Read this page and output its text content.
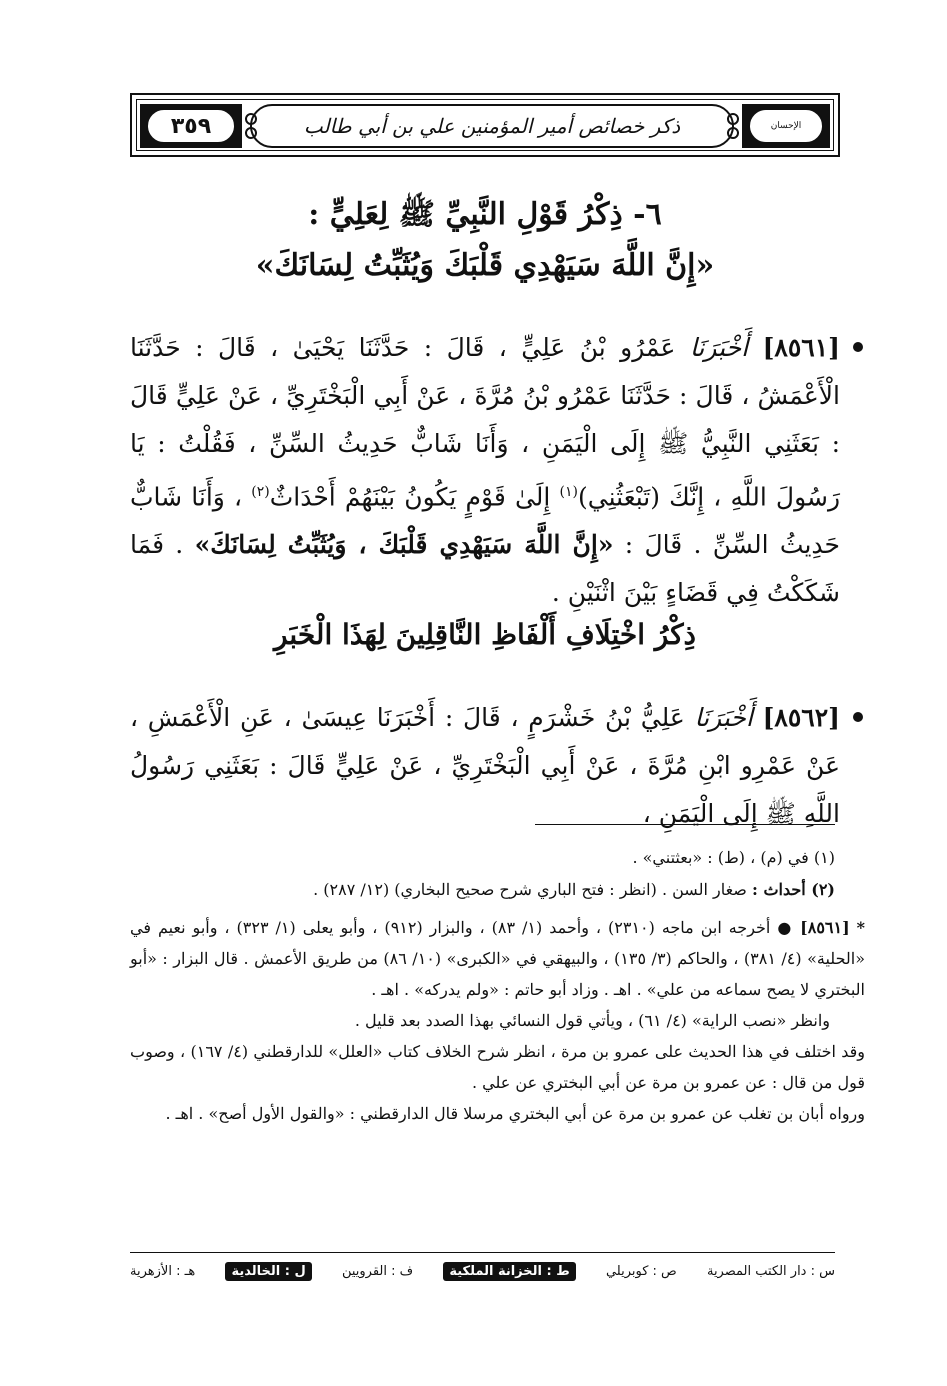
٣٥٩	ذكر خصائص أمير المؤمنين علي بن أبي طالب	الإحسان
٦- ذِكْرُ قَوْلِ النَّبِيِّ ﷺ لِعَلِيٍّ :
«إِنَّ اللَّهَ سَيَهْدِي قَلْبَكَ وَيُثَبِّتُ لِسَانَكَ»
[٨٥٦١] أَخْبَرَنَا عَمْرُو بْنُ عَلِيٍّ ، قَالَ : حَدَّثَنَا يَحْيَىٰ ، قَالَ : حَدَّثَنَا الْأَعْمَشُ ، قَالَ : حَدَّثَنَا عَمْرُو بْنُ مُرَّةَ ، عَنْ أَبِي الْبَخْتَرِيِّ ، عَنْ عَلِيٍّ قَالَ : بَعَثَنِي النَّبِيُّ ﷺ إِلَى الْيَمَنِ ، وَأَنَا شَابٌّ حَدِيثُ السِّنِّ ، فَقُلْتُ : يَا رَسُولَ اللَّهِ ، إِنَّكَ (تَبْعَثُنِي)$^{(١)}$ إِلَىٰ قَوْمٍ يَكُونُ بَيْنَهُمْ أَحْدَاثٌ$^{(٢)}$ ، وَأَنَا شَابٌّ حَدِيثُ السِّنِّ . قَالَ : «إِنَّ اللَّهَ سَيَهْدِي قَلْبَكَ ، وَيُثَبِّتُ لِسَانَكَ» . فَمَا شَكَكْتُ فِي قَضَاءٍ بَيْنَ اثْنَيْنِ .
ذِكْرُ اخْتِلَافِ أَلْفَاظِ النَّاقِلِينَ لِهَذَا الْخَبَرِ
[٨٥٦٢] أَخْبَرَنَا عَلِيُّ بْنُ خَشْرَمٍ ، قَالَ : أَخْبَرَنَا عِيسَىٰ ، عَنِ الْأَعْمَشِ ، عَنْ عَمْرِو ابْنِ مُرَّةَ ، عَنْ أَبِي الْبَخْتَرِيِّ ، عَنْ عَلِيٍّ قَالَ : بَعَثَنِي رَسُولُ اللَّهِ ﷺ إِلَى الْيَمَنِ ،
(١) في (م) ، (ط) : «بعثتني» .
(٢) أحداث : صغار السن . (انظر : فتح الباري شرح صحيح البخاري) (١٢/ ٢٨٧) .
* [٨٥٦١] ● أخرجه ابن ماجه (٢٣١٠) ، وأحمد (١/ ٨٣) ، والبزار (٩١٢) ، وأبو يعلى (١/ ٣٢٣) ، وأبو نعيم في «الحلية» (٤/ ٣٨١) ، والحاكم (٣/ ١٣٥) ، والبيهقي في «الكبرى» (١٠/ ٨٦) من طريق الأعمش . قال البزار : «أبو البختري لا يصح سماعه من علي» . اهـ . وزاد أبو حاتم : «ولم يدركه» . اهـ .
وانظر «نصب الراية» (٤/ ٦١) ، ويأتي قول النسائي بهذا الصدد بعد قليل .
وقد اختلف في هذا الحديث على عمرو بن مرة ، انظر شرح الخلاف كتاب «العلل» للدارقطني (٤/ ١٦٧) ، وصوب قول من قال : عن عمرو بن مرة عن أبي البختري عن علي .
ورواه أبان بن تغلب عن عمرو بن مرة عن أبي البختري مرسلا قال الدارقطني : «والقول الأول أصح» . اهـ .
س : دار الكتب المصرية
ص : كوبريلي
ط : الخزانة الملكية
ف : القرويين
ل : الخالدية
هـ : الأزهرية
